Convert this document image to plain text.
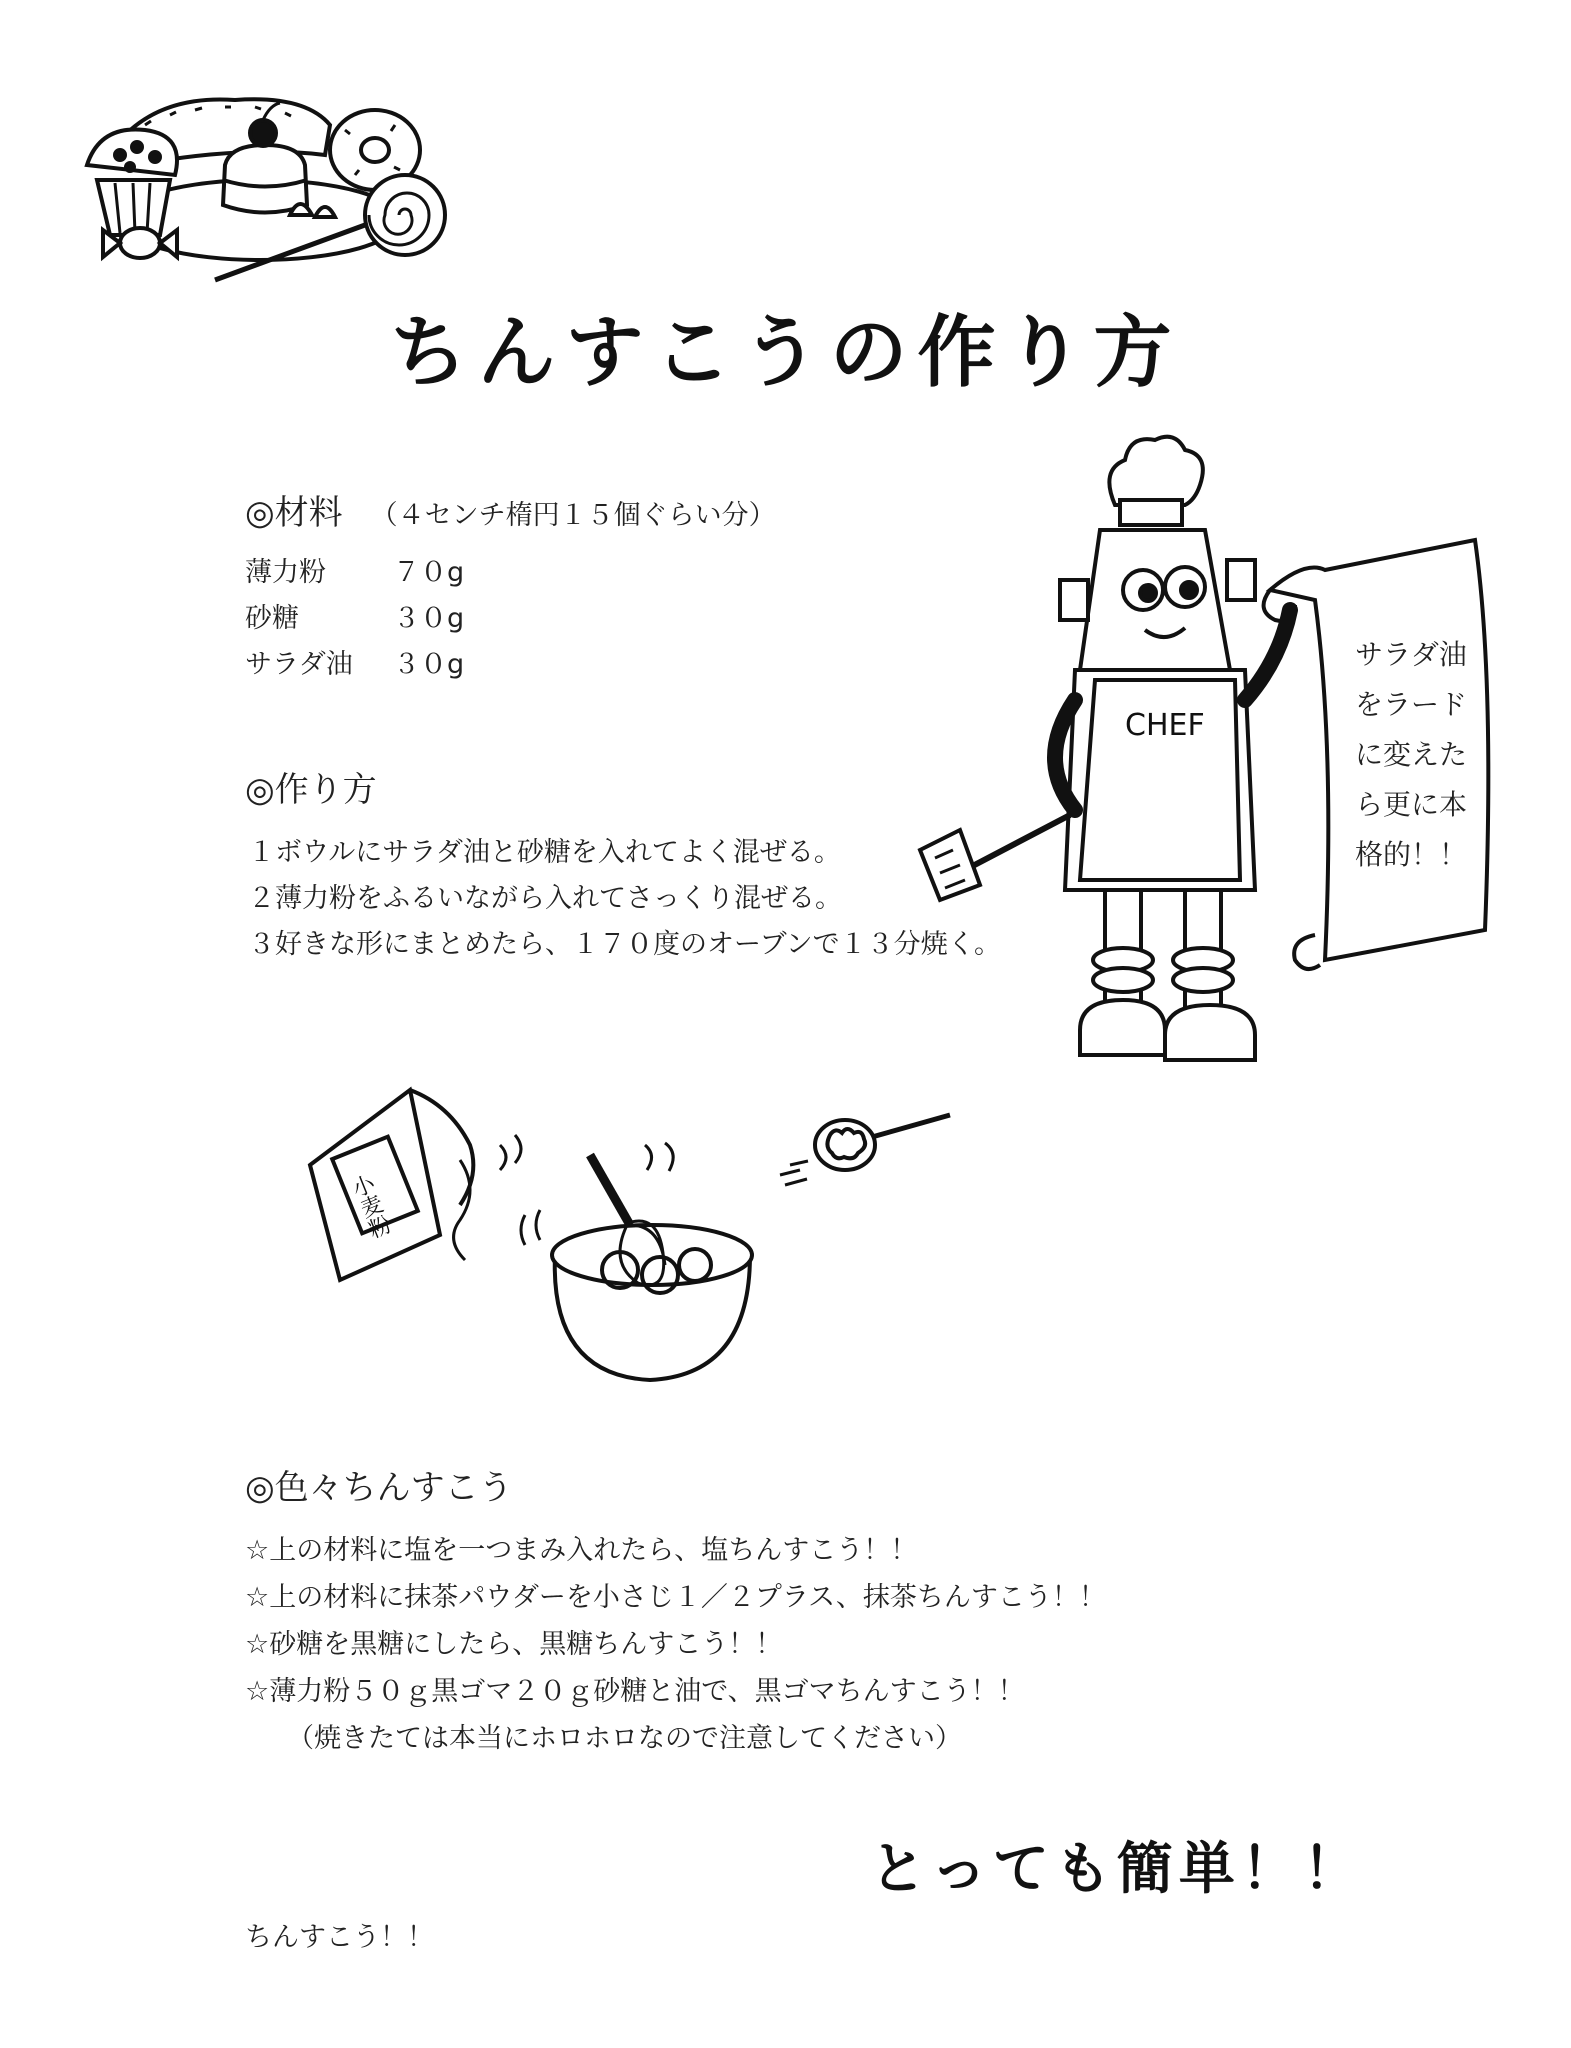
ちんすこうの作り方
◎材料 （４センチ楕円１５個ぐらい分）
薄力粉 ７０g
砂糖	３０g
サラダ油 ３０g
◎作り方
１ボウルにサラダ油と砂糖を入れてよく混ぜる。
２薄力粉をふるいながら入れてさっくり混ぜる。
３好きな形にまとめたら、１７０度のオーブンで１３分焼く。
CHEF
サラダ油
をラード
に変えた
ら更に本
格的！！
小麦粉
◎色々ちんすこう
☆上の材料に塩を一つまみ入れたら、塩ちんすこう！！
☆上の材料に抹茶パウダーを小さじ１／２プラス、抹茶ちんすこう！！
☆砂糖を黒糖にしたら、黒糖ちんすこう！！
☆薄力粉５０ｇ黒ゴマ２０ｇ砂糖と油で、黒ゴマちんすこう！！
（焼きたては本当にホロホロなので注意してください）
とっても簡単！！
ちんすこう！！
